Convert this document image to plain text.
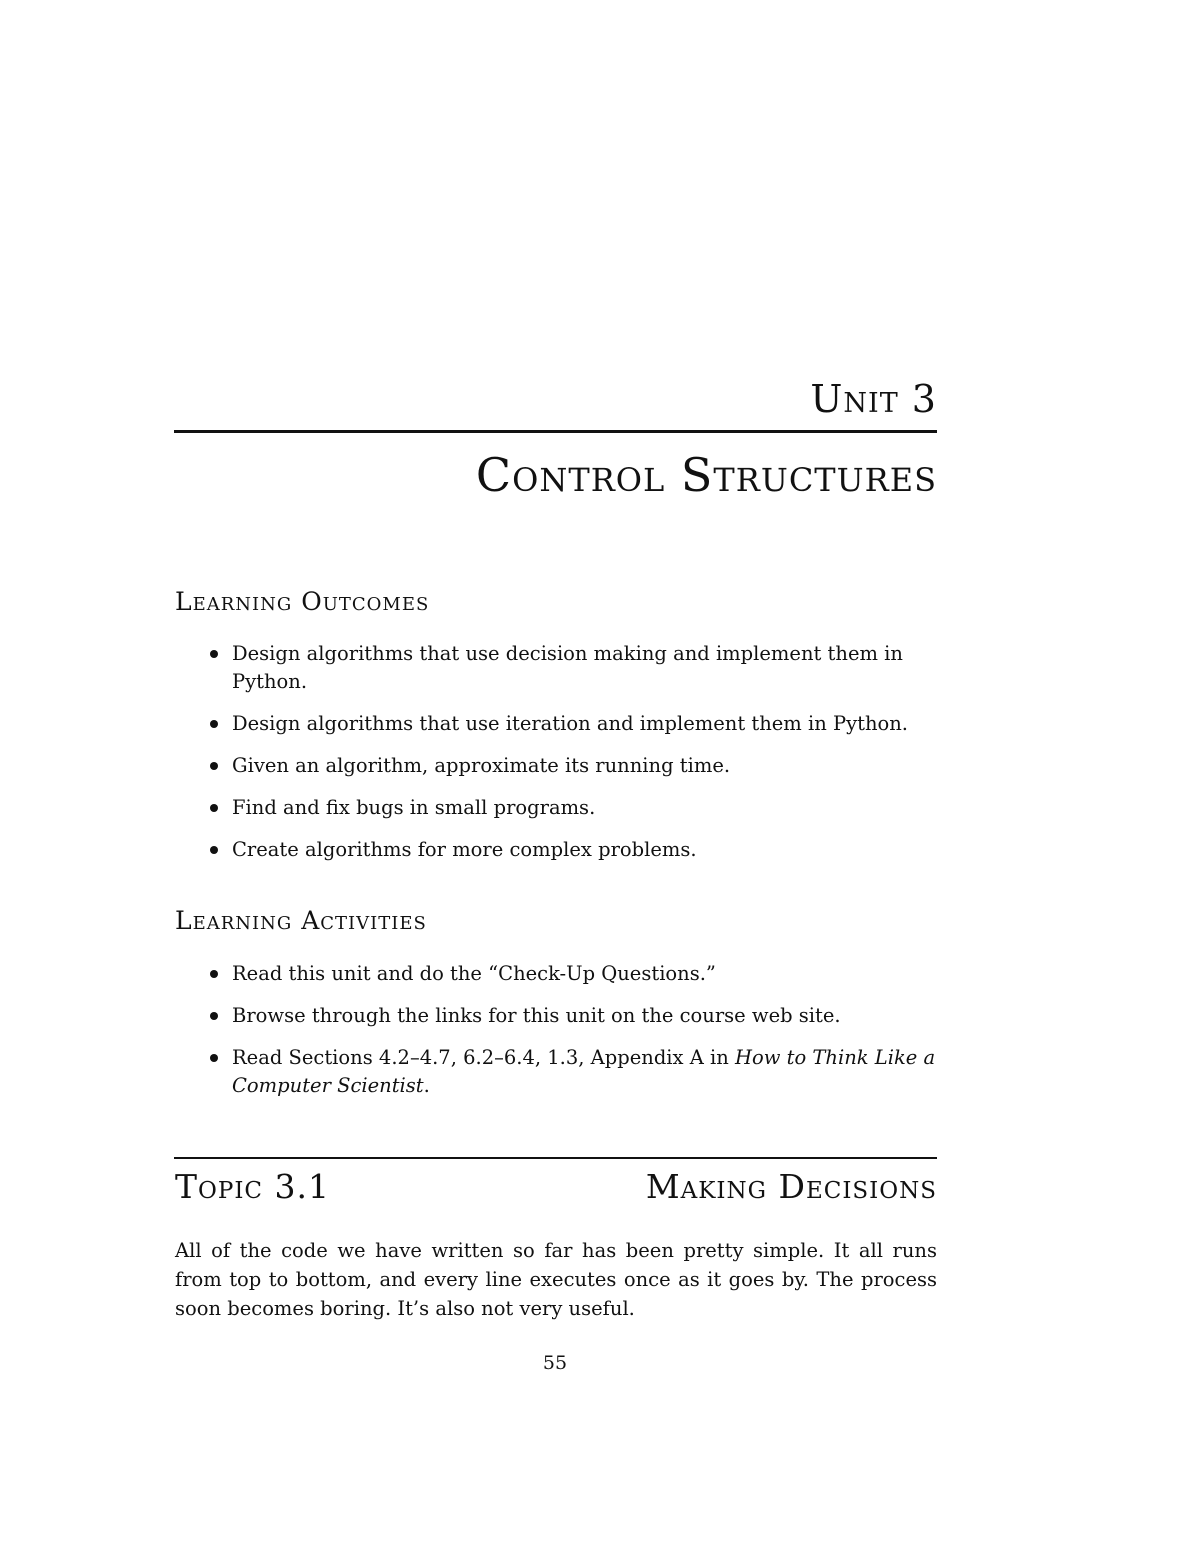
Unit 3
Control Structures
Learning Outcomes
Design algorithms that use decision making and implement them in Python.
Design algorithms that use iteration and implement them in Python.
Given an algorithm, approximate its running time.
Find and fix bugs in small programs.
Create algorithms for more complex problems.
Learning Activities
Read this unit and do the “Check-Up Questions.”
Browse through the links for this unit on the course web site.
Read Sections 4.2–4.7, 6.2–6.4, 1.3, Appendix A in How to Think Like a Computer Scientist.
Topic 3.1	Making Decisions

All of the code we have written so far has been pretty simple. It all runs from top to bottom, and every line executes once as it goes by. The process soon becomes boring. It’s also not very useful.

55
